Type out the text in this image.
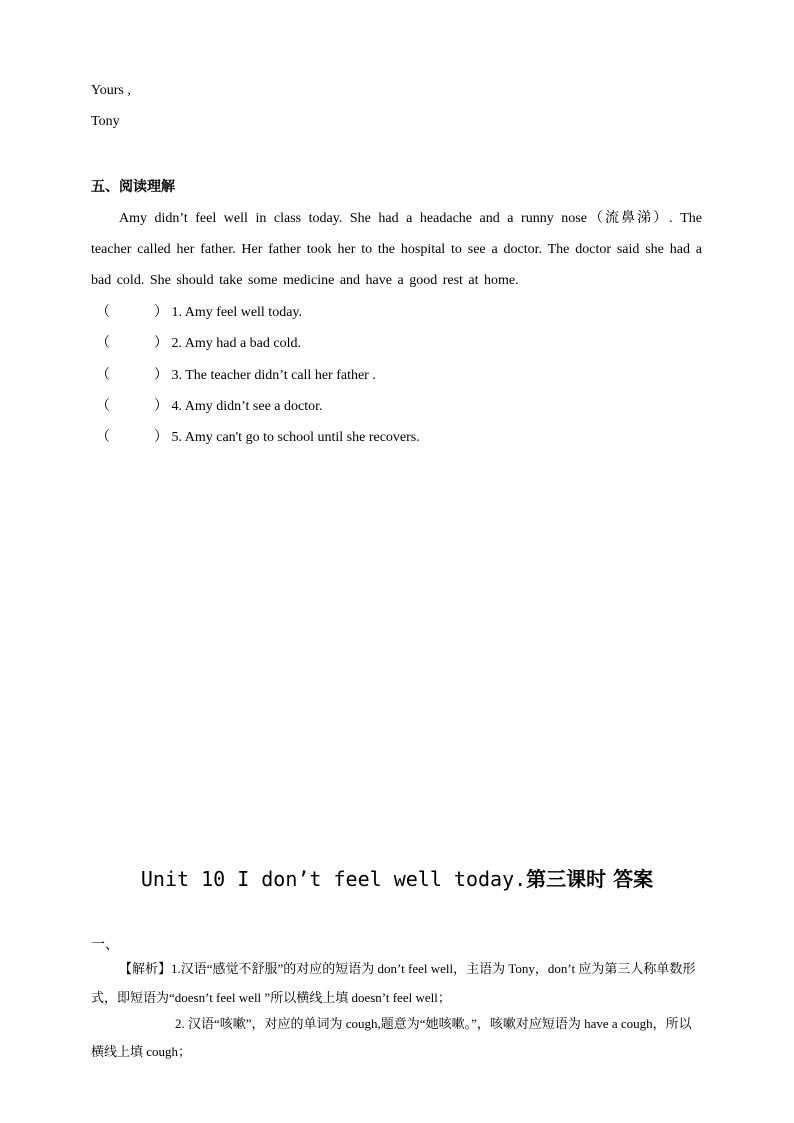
Yours ,
Tony
五、阅读理解
Amy didn’t feel well in class today. She had a headache and a runny nose（流鼻涕）. The teacher called her father. Her father took her to the hospital to see a doctor. The doctor said she had a bad cold. She should take some medicine and have a good rest at home.
（	） 1. Amy feel well today.
（	） 2. Amy had a bad cold.
（	） 3. The teacher didn’t call her father .
（	） 4. Amy didn’t see a doctor.
（	） 5. Amy can't go to school until she recovers.
Unit 10 I don’t feel well today.第三课时 答案
一、
【解析】1.汉语“感觉不舒服”的对应的短语为 don’t feel well，主语为 Tony，don’t 应为第三人称单数形式，即短语为“doesn’t feel well ”所以横线上填 doesn’t feel well；
2. 汉语“咳嗽”，对应的单词为 cough,题意为“她咳嗽。”，咳嗽对应短语为 have a cough，所以横线上填 cough；
